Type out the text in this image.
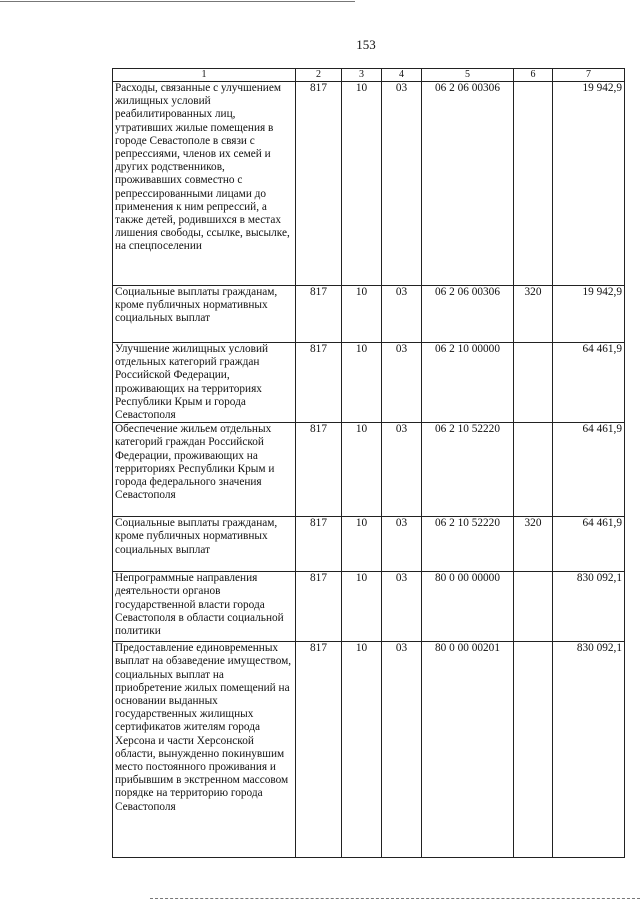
153
1	2	3	4	5	6	7
Расходы, связанные с улучшением жилищных условий реабилитированных лиц, утративших жилые помещения в городе Севастополе в связи с репрессиями, членов их семей и других родственников, проживавших совместно с репрессированными лицами до применения к ним репрессий, а также детей, родившихся в местах лишения свободы, ссылке, высылке, на спецпоселении	817	10	03	06 2 06 00306		19 942,9
Социальные выплаты гражданам, кроме публичных нормативных социальных выплат	817	10	03	06 2 06 00306	320	19 942,9
Улучшение жилищных условий отдельных категорий граждан Российской Федерации, проживающих на территориях Республики Крым и города Севастополя	817	10	03	06 2 10 00000		64 461,9
Обеспечение жильем отдельных категорий граждан Российской Федерации, проживающих на территориях Республики Крым и города федерального значения Севастополя	817	10	03	06 2 10 52220		64 461,9
Социальные выплаты гражданам, кроме публичных нормативных социальных выплат	817	10	03	06 2 10 52220	320	64 461,9
Непрограммные направления деятельности органов государственной власти города Севастополя в области социальной политики	817	10	03	80 0 00 00000		830 092,1
Предоставление единовременных выплат на обзаведение имуществом, социальных выплат на приобретение жилых помещений на основании выданных государственных жилищных сертификатов жителям города Херсона и части Херсонской области, вынужденно покинувшим место постоянного проживания и прибывшим в экстренном массовом порядке на территорию города Севастополя	817	10	03	80 0 00 00201		830 092,1
